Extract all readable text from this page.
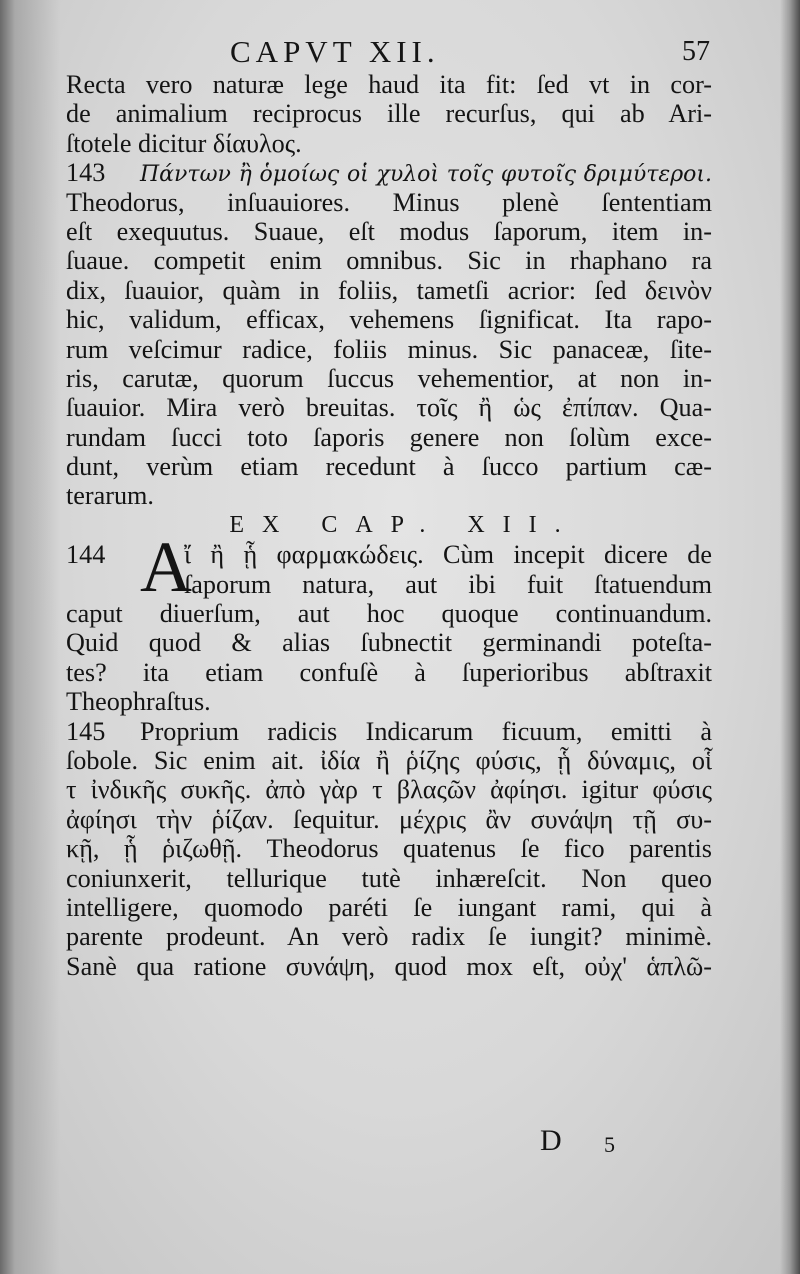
CAPVT XII.	57
Recta vero naturæ lege haud ita fit: ſed vt in cor-
de animalium reciprocus ille recurſus, qui ab Ari-
ſtotele dicitur δίαυλος.
143 Πάντων ἢ ὁμοίως οἱ χυλοὶ τοῖς φυτοῖς δριμύτεροι.
Theodorus, inſuauiores. Minus plenè ſententiam
eſt exequutus. Suaue, eſt modus ſaporum, item in-
ſuaue. competit enim omnibus. Sic in rhaphano ra
dix, ſuauior, quàm in foliis, tametſi acrior: ſed δεινὸν
hic, validum, efficax, vehemens ſignificat. Ita rapo-
rum veſcimur radice, foliis minus. Sic panaceæ, ſite-
ris, carutæ, quorum ſuccus vehementior, at non in-
ſuauior. Mira verò breuitas. τοῖς ἢ ὡς ἐπίπαν. Qua-
rundam ſucci toto ſaporis genere non ſolùm exce-
dunt, verùm etiam recedunt à ſucco partium cæ-
terarum.
EX CAP. XII.
144 A
ἴ ἢ ᾗ φαρμακώδεις. Cùm incepit dicere de
ſaporum natura, aut ibi fuit ſtatuendum
caput diuerſum, aut hoc quoque continuandum.
Quid quod & alias ſubnectit germinandi poteſta-
tes? ita etiam confuſè à ſuperioribus abſtraxit
Theophraſtus.
145 Proprium radicis Indicarum ficuum, emitti à
ſobole. Sic enim ait. ἰδία ἢ ῥίζης φύσις, ᾗ δύναμις, οἷ
τ ἰνδικῆς συκῆς. ἀπὸ γὰρ τ βλαςῶν ἀφίησι. igitur φύσις
ἀφίησι τὴν ῥίζαν. ſequitur. μέχρις ἂν συνάψη τῇ συ-
κῇ, ᾗ ῥιζωθῇ. Theodorus quatenus ſe fico parentis
coniunxerit, tellurique tutè inhæreſcit. Non queo
intelligere, quomodo paréti ſe iungant rami, qui à
parente prodeunt. An verò radix ſe iungit? minimè.
Sanè qua ratione συνάψη, quod mox eſt, οὐχ' ἁπλῶ-
D 5
